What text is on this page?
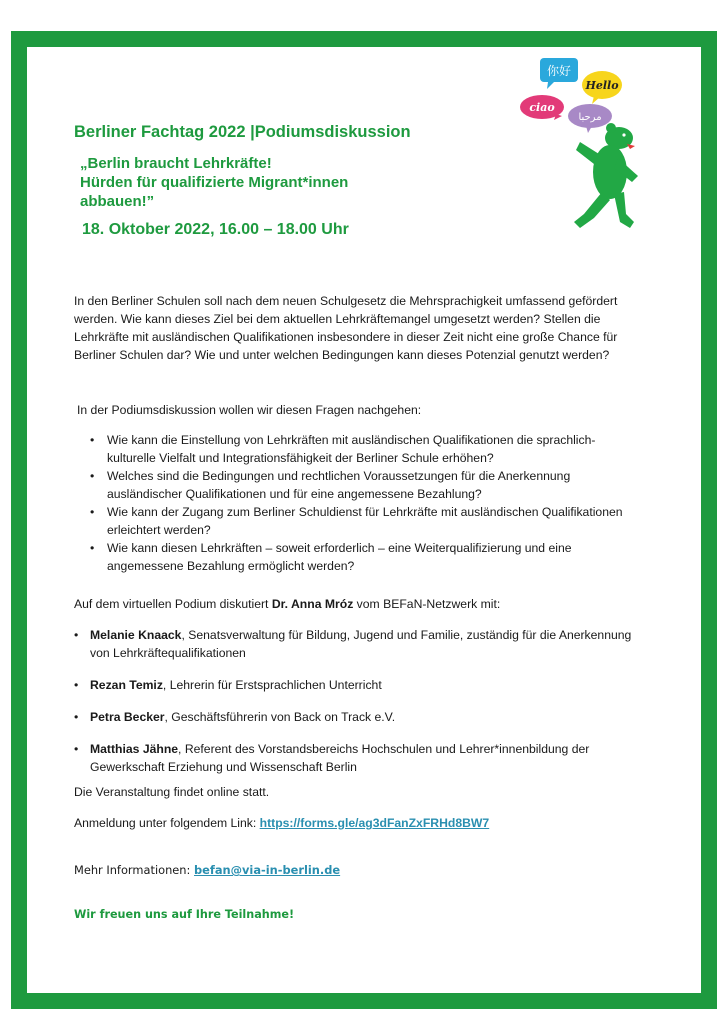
Berliner Fachtag 2022 |Podiumsdiskussion
„Berlin braucht Lehrkräfte!
Hürden für qualifizierte Migrant*innen
abbauen!”
18. Oktober 2022, 16.00 – 18.00 Uhr
你好
Hello
ciao
مرحبا
In den Berliner Schulen soll nach dem neuen Schulgesetz die Mehrsprachigkeit umfassend gefördert werden. Wie kann dieses Ziel bei dem aktuellen Lehrkräftemangel umgesetzt werden? Stellen die Lehrkräfte mit ausländischen Qualifikationen insbesondere in dieser Zeit nicht eine große Chance für Berliner Schulen dar? Wie und unter welchen Bedingungen kann dieses Potenzial genutzt werden?
In der Podiumsdiskussion wollen wir diesen Fragen nachgehen:
• Wie kann die Einstellung von Lehrkräften mit ausländischen Qualifikationen die sprachlich-kulturelle Vielfalt und Integrationsfähigkeit der Berliner Schule erhöhen?
• Welches sind die Bedingungen und rechtlichen Voraussetzungen für die Anerkennung ausländischer Qualifikationen und für eine angemessene Bezahlung?
• Wie kann der Zugang zum Berliner Schuldienst für Lehrkräfte mit ausländischen Qualifikationen erleichtert werden?
• Wie kann diesen Lehrkräften – soweit erforderlich – eine Weiterqualifizierung und eine angemessene Bezahlung ermöglicht werden?
Auf dem virtuellen Podium diskutiert Dr. Anna Mróz vom BEFaN-Netzwerk mit:
• Melanie Knaack, Senatsverwaltung für Bildung, Jugend und Familie, zuständig für die Anerkennung von Lehrkräftequalifikationen
• Rezan Temiz, Lehrerin für Erstsprachlichen Unterricht
• Petra Becker, Geschäftsführerin von Back on Track e.V.
• Matthias Jähne, Referent des Vorstandsbereichs Hochschulen und Lehrer*innenbildung der Gewerkschaft Erziehung und Wissenschaft Berlin
Die Veranstaltung findet online statt.
Anmeldung unter folgendem Link: https://forms.gle/ag3dFanZxFRHd8BW7
Mehr Informationen: befan@via-in-berlin.de
Wir freuen uns auf Ihre Teilnahme!
